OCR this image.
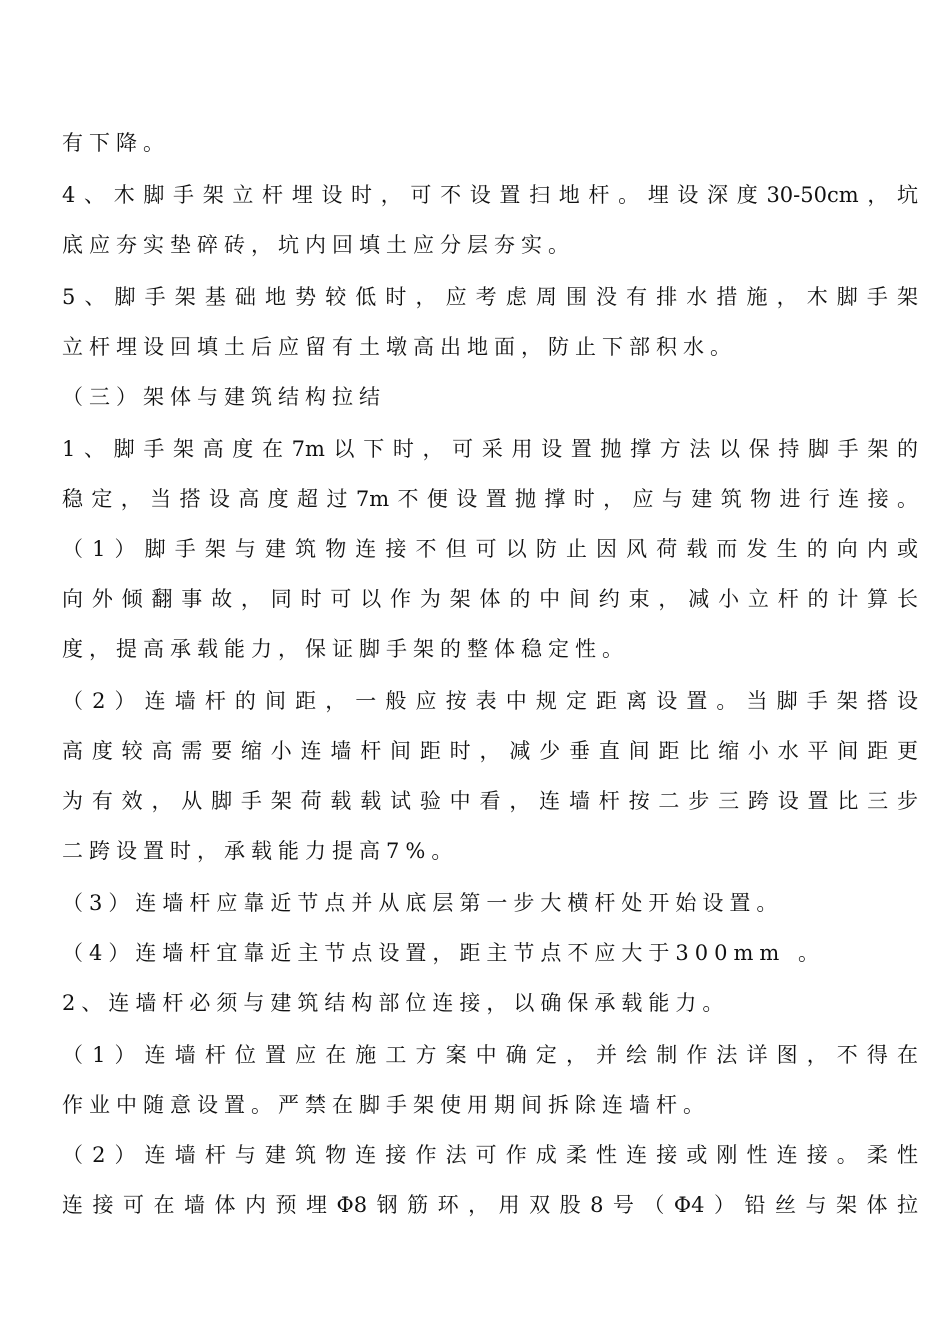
有下降。
4、木脚手架立杆埋设时，可不设置扫地杆。埋设深度30-50cm，坑
底应夯实垫碎砖，坑内回填土应分层夯实。
5、脚手架基础地势较低时，应考虑周围没有排水措施，木脚手架
立杆埋设回填土后应留有土墩高出地面，防止下部积水。
（三）架体与建筑结构拉结
1、脚手架高度在7m以下时，可采用设置抛撑方法以保持脚手架的
稳定，当搭设高度超过7m不便设置抛撑时，应与建筑物进行连接。
（1）脚手架与建筑物连接不但可以防止因风荷载而发生的向内或
向外倾翻事故，同时可以作为架体的中间约束，减小立杆的计算长
度，提高承载能力，保证脚手架的整体稳定性。
（2）连墙杆的间距，一般应按表中规定距离设置。当脚手架搭设
高度较高需要缩小连墙杆间距时，减少垂直间距比缩小水平间距更
为有效，从脚手架荷载载试验中看，连墙杆按二步三跨设置比三步
二跨设置时，承载能力提高7%。
（3）连墙杆应靠近节点并从底层第一步大横杆处开始设置。
（4）连墙杆宜靠近主节点设置，距主节点不应大于300mm 。
2、连墙杆必须与建筑结构部位连接，以确保承载能力。
（1）连墙杆位置应在施工方案中确定，并绘制作法详图，不得在
作业中随意设置。严禁在脚手架使用期间拆除连墙杆。
（2）连墙杆与建筑物连接作法可作成柔性连接或刚性连接。柔性
连接可在墙体内预埋Φ8钢筋环，用双股8号（Φ4）铅丝与架体拉
